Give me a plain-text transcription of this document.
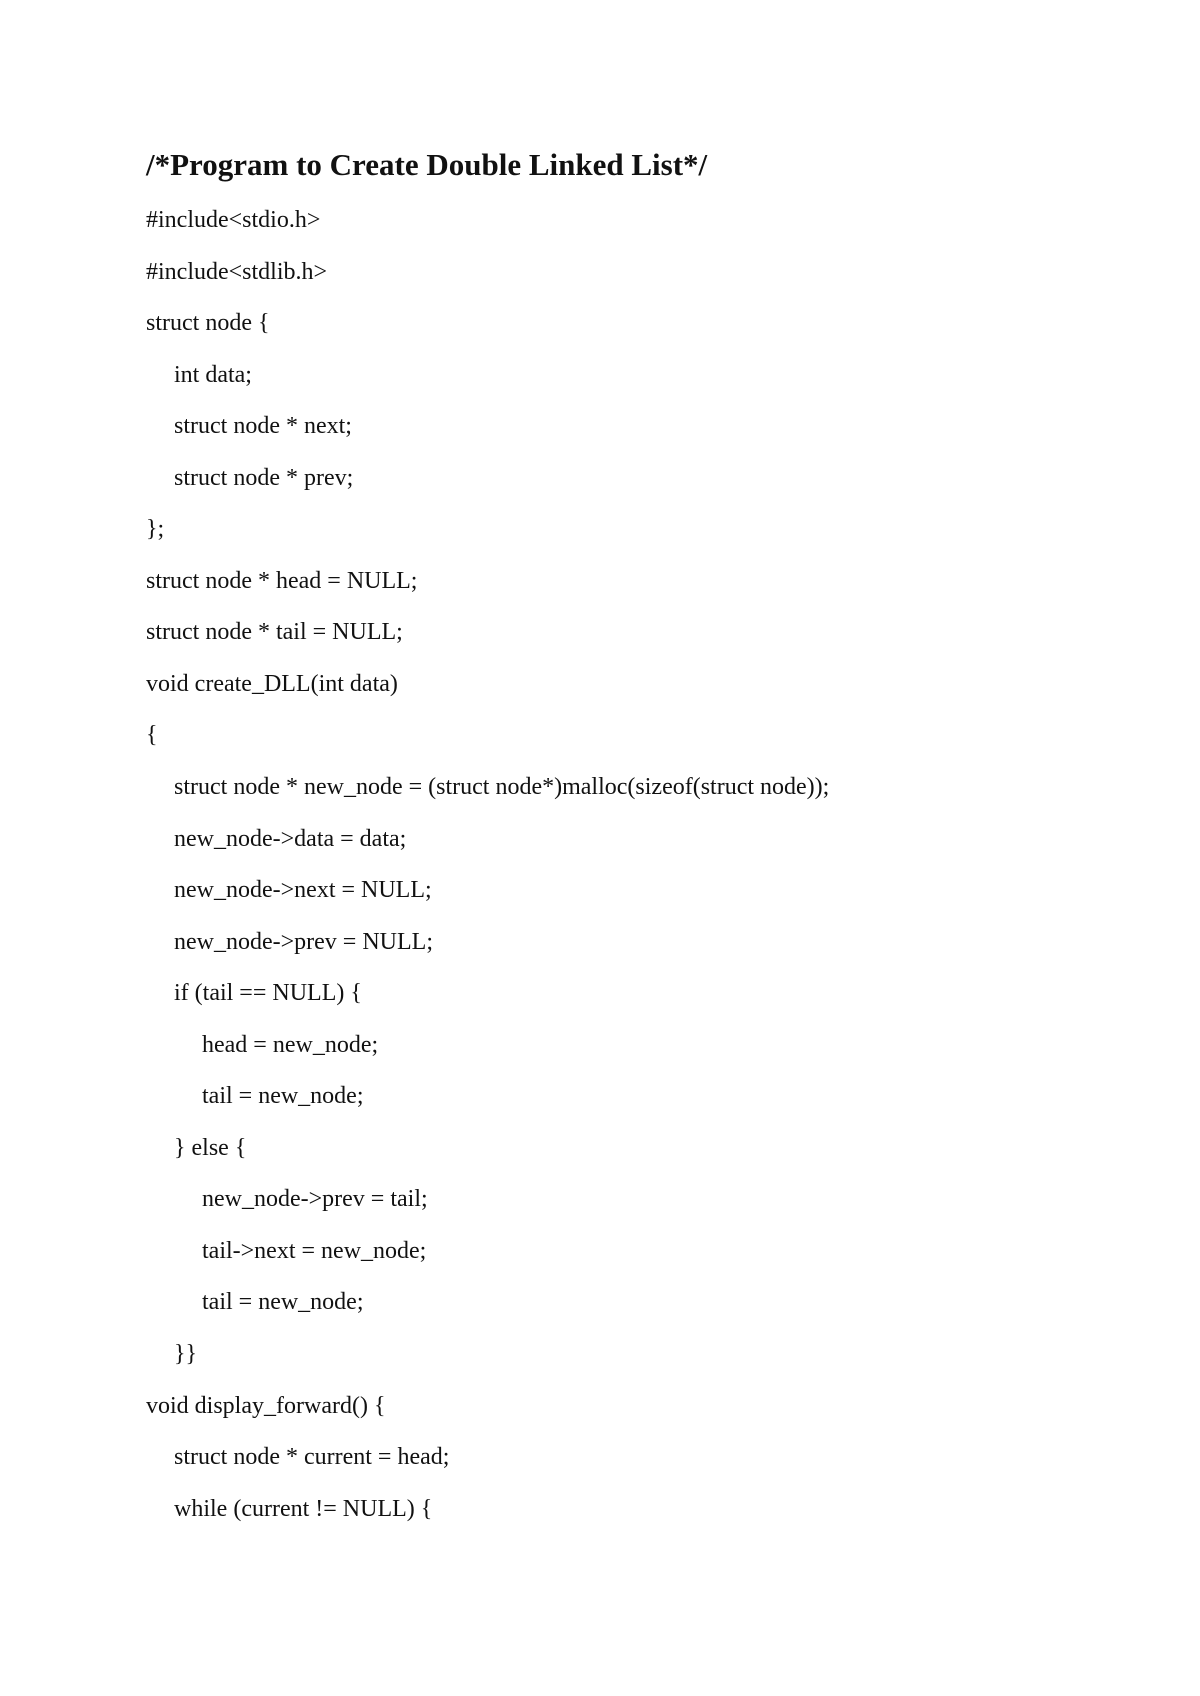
/*Program to Create Double Linked List*/
#include<stdio.h>
#include<stdlib.h>
struct node {
int data;
struct node * next;
struct node * prev;
};
struct node * head = NULL;
struct node * tail = NULL;
void create_DLL(int data)
{
struct node * new_node = (struct node*)malloc(sizeof(struct node));
new_node->data = data;
new_node->next = NULL;
new_node->prev = NULL;
if (tail == NULL) {
head = new_node;
tail = new_node;
} else {
new_node->prev = tail;
tail->next = new_node;
tail = new_node;
}}
void display_forward() {
struct node * current = head;
while (current != NULL) {
